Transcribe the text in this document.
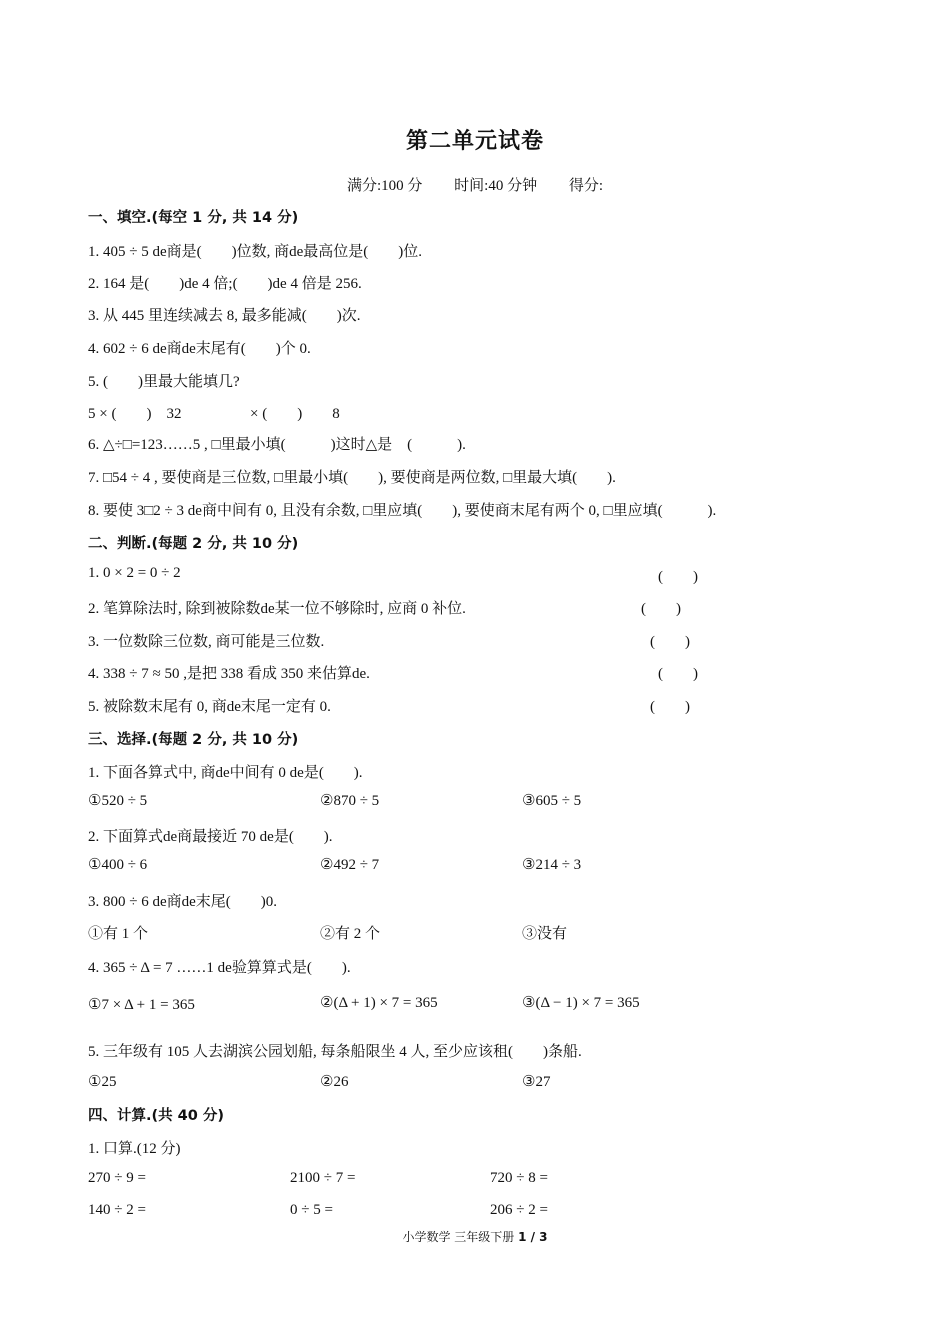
第二单元试卷
满分:100 分 时间:40 分钟 得分:
一、填空.(每空 1 分, 共 14 分)
1. 405 ÷ 5 de商是(　　)位数, 商de最高位是(　　)位.
2. 164 是(　　)de 4 倍;(　　)de 4 倍是 256.
3. 从 445 里连续减去 8, 最多能减(　　)次.
4. 602 ÷ 6 de商de末尾有(　　)个 0.
5. (　　)里最大能填几?
5 × (　　)　32	× (　　)　　8
6. △÷□=123……5 , □里最小填(　　　)这时△是　(　　　).
7. □54 ÷ 4 , 要使商是三位数, □里最小填(　　), 要使商是两位数, □里最大填(　　).
8. 要使 3□2 ÷ 3 de商中间有 0, 且没有余数, □里应填(　　), 要使商末尾有两个 0, □里应填(　　　).
二、判断.(每题 2 分, 共 10 分)
1. 0 × 2 = 0 ÷ 2	(　　)
2. 笔算除法时, 除到被除数de某一位不够除时, 应商 0 补位.	(　　)
3. 一位数除三位数, 商可能是三位数.	(　　)
4. 338 ÷ 7 ≈ 50 ,是把 338 看成 350 来估算de.	(　　)
5. 被除数末尾有 0, 商de末尾一定有 0.	(　　)
三、选择.(每题 2 分, 共 10 分)
1. 下面各算式中, 商de中间有 0 de是(　　).
①520 ÷ 5	②870 ÷ 5	③605 ÷ 5
2. 下面算式de商最接近 70 de是(　　).
①400 ÷ 6	②492 ÷ 7	③214 ÷ 3
3. 800 ÷ 6 de商de末尾(　　)0.
①有 1 个	②有 2 个	③没有
4. 365 ÷ Δ = 7 ……1 de验算算式是(　　).
①7 × Δ + 1 = 365	②(Δ + 1) × 7 = 365	③(Δ − 1) × 7 = 365
5. 三年级有 105 人去湖滨公园划船, 每条船限坐 4 人, 至少应该租(　　)条船.
①25	②26	③27
四、计算.(共 40 分)
1. 口算.(12 分)
270 ÷ 9 =	2100 ÷ 7 =	720 ÷ 8 =
140 ÷ 2 =	0 ÷ 5 =	206 ÷ 2 =
小学数学 三年级下册 1 / 3
